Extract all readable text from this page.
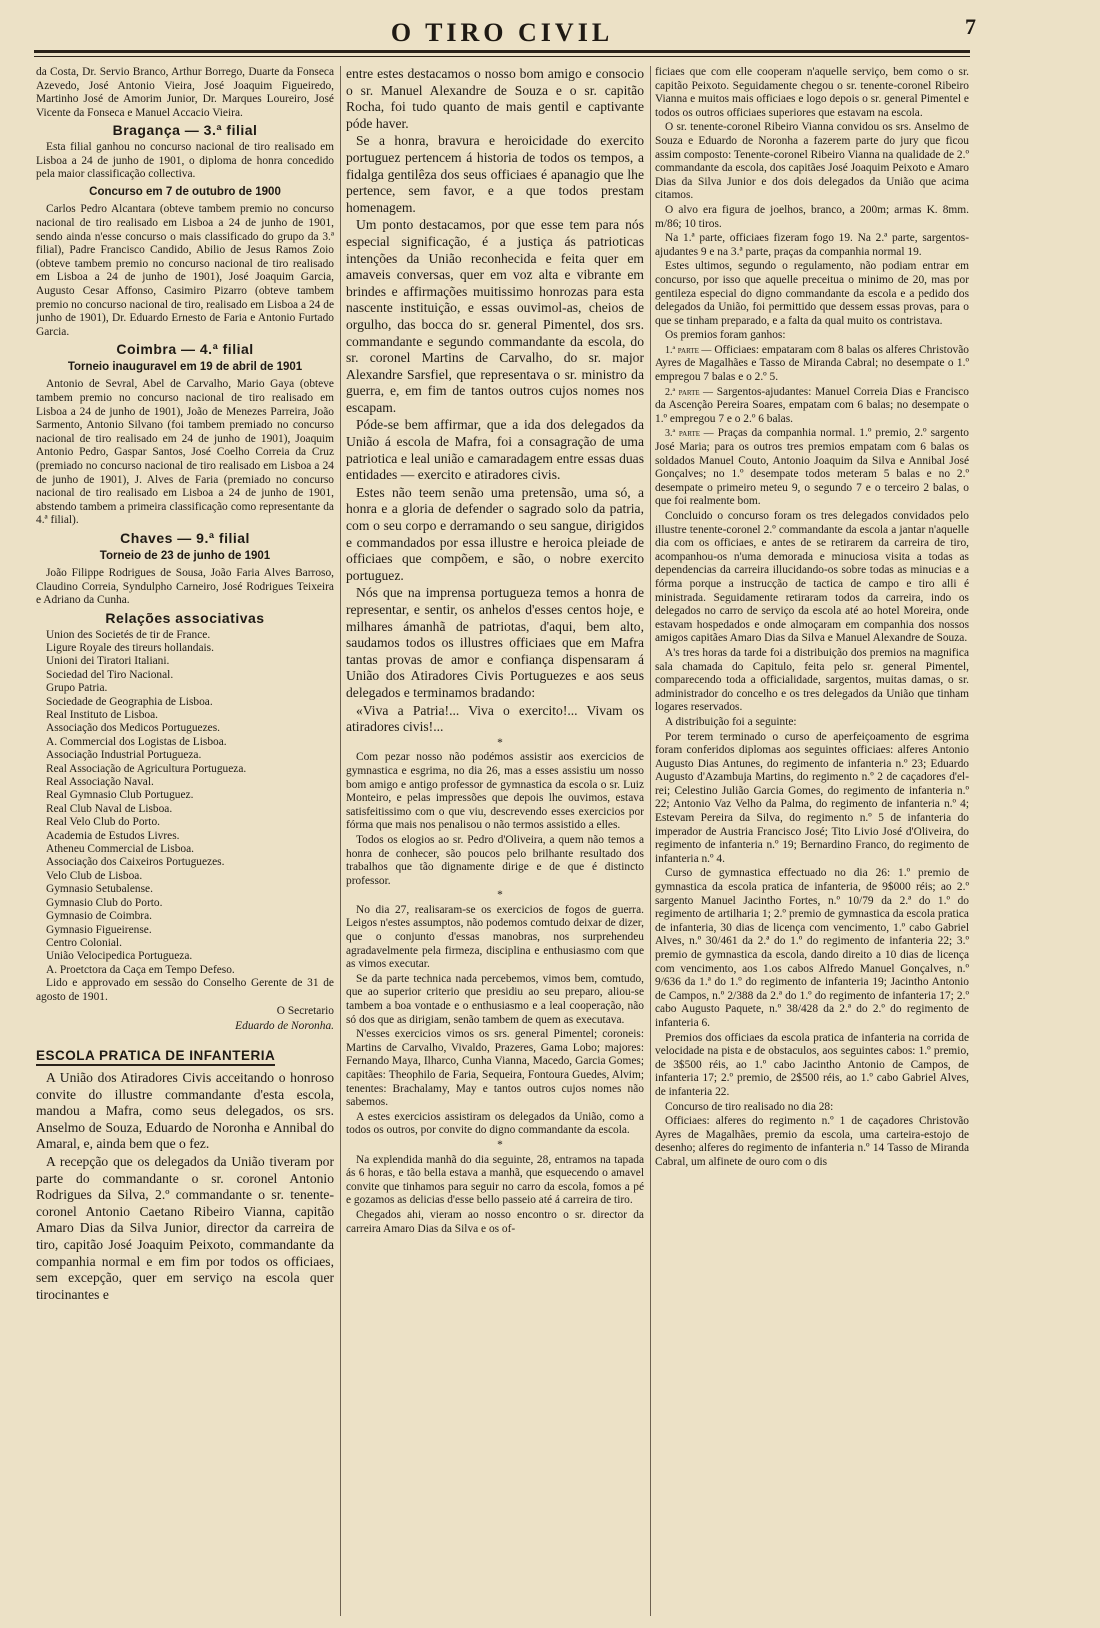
O TIRO CIVIL	7

da Costa, Dr. Servio Branco, Arthur Borrego, Duarte da Fonseca Azevedo, José Antonio Vieira, José Joaquim Figueiredo, Martinho José de Amorim Junior, Dr. Marques Loureiro, José Vicente da Fonseca e Manuel Accacio Vieira.

Bragança — 3.ª filial

Esta filial ganhou no concurso nacional de tiro realisado em Lisboa a 24 de junho de 1901, o diploma de honra concedido pela maior classificação collectiva.

Concurso em 7 de outubro de 1900

Carlos Pedro Alcantara (obteve tambem premio no concurso nacional de tiro realisado em Lisboa a 24 de junho de 1901, sendo ainda n'esse concurso o mais classificado do grupo da 3.ª filial), Padre Francisco Candido, Abilio de Jesus Ramos Zoio (obteve tambem premio no concurso nacional de tiro realisado em Lisboa a 24 de junho de 1901), José Joaquim Garcia, Augusto Cesar Affonso, Casimiro Pizarro (obteve tambem premio no concurso nacional de tiro, realisado em Lisboa a 24 de junho de 1901), Dr. Eduardo Ernesto de Faria e Antonio Furtado Garcia.

Coimbra — 4.ª filial
Torneio inauguravel em 19 de abril de 1901

Antonio de Sevral, Abel de Carvalho, Mario Gaya (obteve tambem premio no concurso nacional de tiro realisado em Lisboa a 24 de junho de 1901), João de Menezes Parreira, João Sarmento, Antonio Silvano (foi tambem premiado no concurso nacional de tiro realisado em 24 de junho de 1901), Joaquim Antonio Pedro, Gaspar Santos, José Coelho Correia da Cruz (premiado no concurso nacional de tiro realisado em Lisboa a 24 de junho de 1901), J. Alves de Faria (premiado no concurso nacional de tiro realisado em Lisboa a 24 de junho de 1901, abstendo tambem a primeira classificação como representante da 4.ª filial).

Chaves — 9.ª filial
Torneio de 23 de junho de 1901

João Filippe Rodrigues de Sousa, João Faria Alves Barroso, Claudino Correia, Syndulpho Carneiro, José Rodrigues Teixeira e Adriano da Cunha.

Relações associativas
Union des Societés de tir de France.
Ligure Royale des tireurs hollandais.
Unioni dei Tiratori Italiani.
Sociedad del Tiro Nacional.
Grupo Patria.
Sociedade de Geographia de Lisboa.
Real Instituto de Lisboa.
Associação dos Medicos Portuguezes.
A. Commercial dos Logistas de Lisboa.
Associação Industrial Portugueza.
Real Associação de Agricultura Portugueza.
Real Associação Naval.
Real Gymnasio Club Portuguez.
Real Club Naval de Lisboa.
Real Velo Club do Porto.
Academia de Estudos Livres.
Atheneu Commercial de Lisboa.
Associação dos Caixeiros Portuguezes.
Velo Club de Lisboa.
Gymnasio Setubalense.
Gymnasio Club do Porto.
Gymnasio de Coimbra.
Gymnasio Figueirense.
Centro Colonial.
União Velocipedica Portugueza.
A. Proetctora da Caça em Tempo Defeso.

Lido e approvado em sessão do Conselho Gerente de 31 de agosto de 1901.

O Secretario

Eduardo de Noronha.

ESCOLA PRATICA DE INFANTERIA

A União dos Atiradores Civis acceitando o honroso convite do illustre commandante d'esta escola, mandou a Mafra, como seus delegados, os srs. Anselmo de Souza, Eduardo de Noronha e Annibal do Amaral, e, ainda bem que o fez.

A recepção que os delegados da União tiveram por parte do commandante o sr. coronel Antonio Rodrigues da Silva, 2.º commandante o sr. tenente-coronel Antonio Caetano Ribeiro Vianna, capitão Amaro Dias da Silva Junior, director da carreira de tiro, capitão José Joaquim Peixoto, commandante da companhia normal e em fim por todos os officiaes, sem excepção, quer em serviço na escola quer tirocinantes e

entre estes destacamos o nosso bom amigo e consocio o sr. Manuel Alexandre de Souza e o sr. capitão Rocha, foi tudo quanto de mais gentil e captivante póde haver.

Se a honra, bravura e heroicidade do exercito portuguez pertencem á historia de todos os tempos, a fidalga gentilêza dos seus officiaes é apanagio que lhe pertence, sem favor, e a que todos prestam homenagem.

Um ponto destacamos, por que esse tem para nós especial significação, é a justiça ás patrioticas intenções da União reconhecida e feita quer em amaveis conversas, quer em voz alta e vibrante em brindes e affirmações muitissimo honrozas para esta nascente instituição, e essas ouvimol-as, cheios de orgulho, das bocca do sr. general Pimentel, dos srs. commandante e segundo commandante da escola, do sr. coronel Martins de Carvalho, do sr. major Alexandre Sarsfiel, que representava o sr. ministro da guerra, e, em fim de tantos outros cujos nomes nos escapam.

Póde-se bem affirmar, que a ida dos delegados da União á escola de Mafra, foi a consagração de uma patriotica e leal união e camaradagem entre essas duas entidades — exercito e atiradores civis.

Estes não teem senão uma pretensão, uma só, a honra e a gloria de defender o sagrado solo da patria, com o seu corpo e derramando o seu sangue, dirigidos e commandados por essa illustre e heroica pleiade de officiaes que compõem, e são, o nobre exercito portuguez.

Nós que na imprensa portugueza temos a honra de representar, e sentir, os anhelos d'esses centos hoje, e milhares ámanhã de patriotas, d'aqui, bem alto, saudamos todos os illustres officiaes que em Mafra tantas provas de amor e confiança dispensaram á União dos Atiradores Civis Portuguezes e aos seus delegados e terminamos bradando:

«Viva a Patria!... Viva o exercito!... Vivam os atiradores civis!...

*

Com pezar nosso não podémos assistir aos exercicios de gymnastica e esgrima, no dia 26, mas a esses assistiu um nosso bom amigo e antigo professor de gymnastica da escola o sr. Luiz Monteiro, e pelas impressões que depois lhe ouvimos, estava satisfeitissimo com o que viu, descrevendo esses exercicios por fórma que mais nos penalisou o não termos assistido a elles.

Todos os elogios ao sr. Pedro d'Oliveira, a quem não temos a honra de conhecer, são poucos pelo brilhante resultado dos trabalhos que tão dignamente dirige e de que é distincto professor.

*

No dia 27, realisaram-se os exercicios de fogos de guerra. Leigos n'estes assumptos, não podemos comtudo deixar de dizer, que o conjunto d'essas manobras, nos surprehendeu agradavelmente pela firmeza, disciplina e enthusiasmo com que as vimos executar.

Se da parte technica nada percebemos, vimos bem, comtudo, que ao superior criterio que presidiu ao seu preparo, aliou-se tambem a boa vontade e o enthusiasmo e a leal cooperação, não só dos que as dirigiam, senão tambem de quem as executava.

N'esses exercicios vimos os srs. general Pimentel; coroneis: Martins de Carvalho, Vivaldo, Prazeres, Gama Lobo; majores: Fernando Maya, Ilharco, Cunha Vianna, Macedo, Garcia Gomes; capitães: Theophilo de Faria, Sequeira, Fontoura Guedes, Alvim; tenentes: Brachalamy, May e tantos outros cujos nomes não sabemos.

A estes exercicios assistiram os delegados da União, como a todos os outros, por convite do digno commandante da escola.

*

Na explendida manhã do dia seguinte, 28, entramos na tapada ás 6 horas, e tão bella estava a manhã, que esquecendo o amavel convite que tinhamos para seguir no carro da escola, fomos a pé e gozamos as delicias d'esse bello passeio até á carreira de tiro.

Chegados ahi, vieram ao nosso encontro o sr. director da carreira Amaro Dias da Silva e os of-

ficiaes que com elle cooperam n'aquelle serviço, bem como o sr. capitão Peixoto. Seguidamente chegou o sr. tenente-coronel Ribeiro Vianna e muitos mais officiaes e logo depois o sr. general Pimentel e todos os outros officiaes superiores que estavam na escola.

O sr. tenente-coronel Ribeiro Vianna convidou os srs. Anselmo de Souza e Eduardo de Noronha a fazerem parte do jury que ficou assim composto: Tenente-coronel Ribeiro Vianna na qualidade de 2.º commandante da escola, dos capitães José Joaquim Peixoto e Amaro Dias da Silva Junior e dos dois delegados da União que acima citamos.

O alvo era figura de joelhos, branco, a 200m; armas K. 8mm. m/86; 10 tiros.

Na 1.ª parte, officiaes fizeram fogo 19. Na 2.ª parte, sargentos-ajudantes 9 e na 3.ª parte, praças da companhia normal 19.

Estes ultimos, segundo o regulamento, não podiam entrar em concurso, por isso que aquelle preceitua o minimo de 20, mas por gentileza especial do digno commandante da escola e a pedido dos delegados da União, foi permittido que dessem essas provas, para o que se tinham preparado, e a falta da qual muito os contristava.

Os premios foram ganhos:

1.ª parte — Officiaes: empataram com 8 balas os alferes Christovão Ayres de Magalhães e Tasso de Miranda Cabral; no desempate o 1.º empregou 7 balas e o 2.º 5.

2.ª parte — Sargentos-ajudantes: Manuel Correia Dias e Francisco da Ascenção Pereira Soares, empatam com 6 balas; no desempate o 1.º empregou 7 e o 2.º 6 balas.

3.ª parte — Praças da companhia normal. 1.º premio, 2.º sargento José Maria; para os outros tres premios empatam com 6 balas os soldados Manuel Couto, Antonio Joaquim da Silva e Annibal José Gonçalves; no 1.º desempate todos meteram 5 balas e no 2.º desempate o primeiro meteu 9, o segundo 7 e o terceiro 2 balas, o que foi realmente bom.

Concluido o concurso foram os tres delegados convidados pelo illustre tenente-coronel 2.º commandante da escola a jantar n'aquelle dia com os officiaes, e antes de se retirarem da carreira de tiro, acompanhou-os n'uma demorada e minuciosa visita a todas as dependencias da carreira illucidando-os sobre todas as minucias e a fórma porque a instrucção de tactica de campo e tiro alli é ministrada. Seguidamente retiraram todos da carreira, indo os delegados no carro de serviço da escola até ao hotel Moreira, onde estavam hospedados e onde almoçaram em companhia dos nossos amigos capitães Amaro Dias da Silva e Manuel Alexandre de Souza.

A's tres horas da tarde foi a distribuição dos premios na magnifica sala chamada do Capitulo, feita pelo sr. general Pimentel, comparecendo toda a officialidade, sargentos, muitas damas, o sr. administrador do concelho e os tres delegados da União que tinham logares reservados.

A distribuição foi a seguinte:

Por terem terminado o curso de aperfeiçoamento de esgrima foram conferidos diplomas aos seguintes officiaes: alferes Antonio Augusto Dias Antunes, do regimento de infanteria n.º 23; Eduardo Augusto d'Azambuja Martins, do regimento n.º 2 de caçadores d'el-rei; Celestino Julião Garcia Gomes, do regimento de infanteria n.º 22; Antonio Vaz Velho da Palma, do regimento de infanteria n.º 4; Estevam Pereira da Silva, do regimento n.º 5 de infanteria do imperador de Austria Francisco José; Tito Livio José d'Oliveira, do regimento de infanteria n.º 19; Bernardino Franco, do regimento de infanteria n.º 4.

Curso de gymnastica effectuado no dia 26: 1.º premio de gymnastica da escola pratica de infanteria, de 9$000 réis; ao 2.º sargento Manuel Jacintho Fortes, n.º 10/79 da 2.ª do 1.º do regimento de artilharia 1; 2.º premio de gymnastica da escola pratica de infanteria, 30 dias de licença com vencimento, 1.º cabo Gabriel Alves, n.º 30/461 da 2.ª do 1.º do regimento de infanteria 22; 3.º premio de gymnastica da escola, dando direito a 10 dias de licença com vencimento, aos 1.os cabos Alfredo Manuel Gonçalves, n.º 9/636 da 1.ª do 1.º do regimento de infanteria 19; Jacintho Antonio de Campos, n.º 2/388 da 2.ª do 1.º do regimento de infanteria 17; 2.º cabo Augusto Paquete, n.º 38/428 da 2.ª do 2.º do regimento de infanteria 6.

Premios dos officiaes da escola pratica de infanteria na corrida de velocidade na pista e de obstaculos, aos seguintes cabos: 1.º premio, de 3$500 réis, ao 1.º cabo Jacintho Antonio de Campos, de infanteria 17; 2.º premio, de 2$500 réis, ao 1.º cabo Gabriel Alves, de infanteria 22.

Concurso de tiro realisado no dia 28:

Officiaes: alferes do regimento n.º 1 de caçadores Christovão Ayres de Magalhães, premio da escola, uma carteira-estojo de desenho; alferes do regimento de infanteria n.º 14 Tasso de Miranda Cabral, um alfinete de ouro com o dis
